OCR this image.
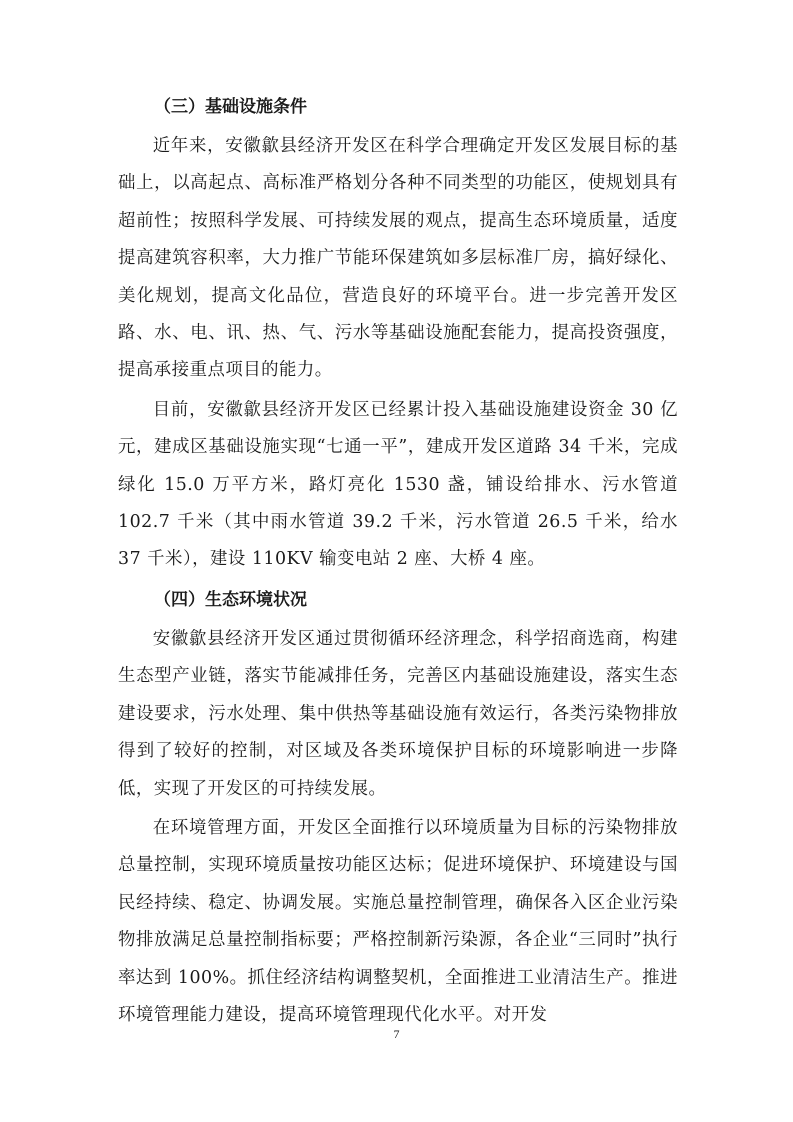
（三）基础设施条件

近年来，安徽歙县经济开发区在科学合理确定开发区发展目标的基础上，以高起点、高标准严格划分各种不同类型的功能区，使规划具有超前性；按照科学发展、可持续发展的观点，提高生态环境质量，适度提高建筑容积率，大力推广节能环保建筑如多层标准厂房，搞好绿化、美化规划，提高文化品位，营造良好的环境平台。进一步完善开发区路、水、电、讯、热、气、污水等基础设施配套能力，提高投资强度，提高承接重点项目的能力。

目前，安徽歙县经济开发区已经累计投入基础设施建设资金 30 亿元，建成区基础设施实现“七通一平”，建成开发区道路 34 千米，完成绿化 15.0 万平方米，路灯亮化 1530 盏，铺设给排水、污水管道 102.7 千米（其中雨水管道 39.2 千米，污水管道 26.5 千米，给水 37 千米），建设 110KV 输变电站 2 座、大桥 4 座。

（四）生态环境状况

安徽歙县经济开发区通过贯彻循环经济理念，科学招商选商，构建生态型产业链，落实节能减排任务，完善区内基础设施建设，落实生态建设要求，污水处理、集中供热等基础设施有效运行，各类污染物排放得到了较好的控制，对区域及各类环境保护目标的环境影响进一步降低，实现了开发区的可持续发展。

在环境管理方面，开发区全面推行以环境质量为目标的污染物排放总量控制，实现环境质量按功能区达标；促进环境保护、环境建设与国民经持续、稳定、协调发展。实施总量控制管理，确保各入区企业污染物排放满足总量控制指标要；严格控制新污染源，各企业“三同时”执行率达到 100%。抓住经济结构调整契机，全面推进工业清洁生产。推进环境管理能力建设，提高环境管理现代化水平。对开发

7
